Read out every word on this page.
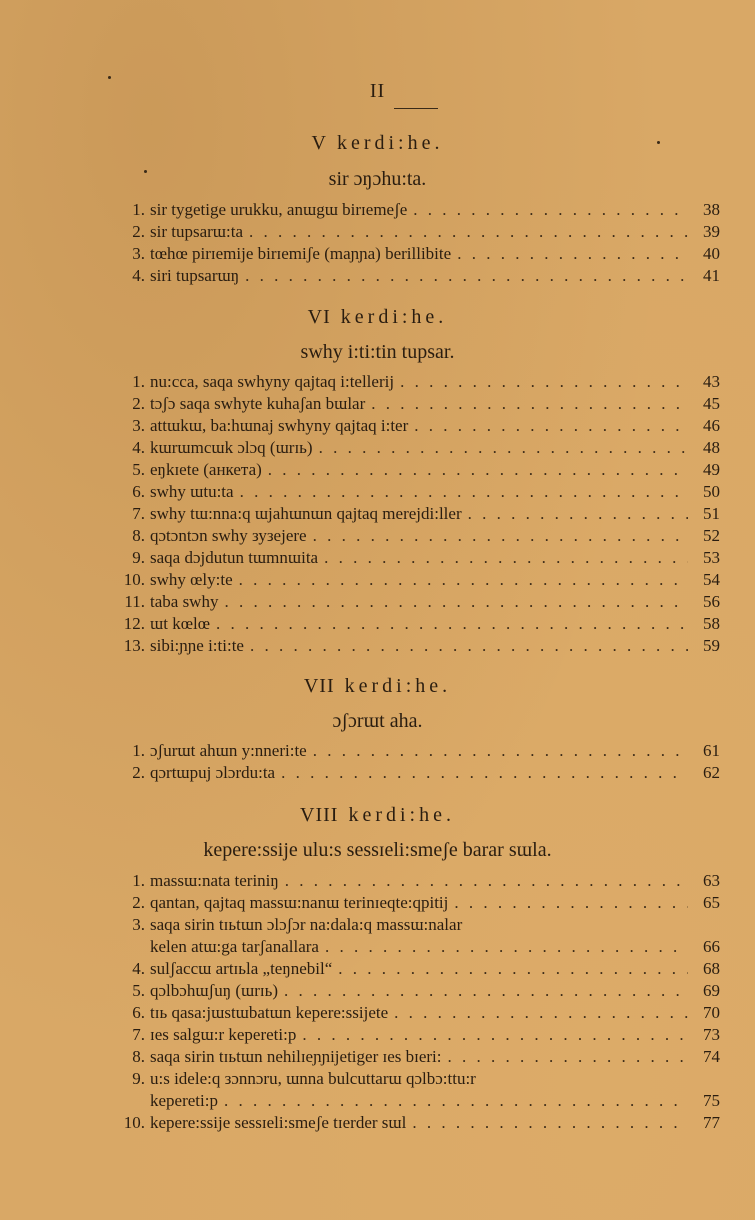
II
V kerdi:he.
sir ɔŋɔhu:ta.
1. sir tygetige urukku, anɯgɯ birɪemeʃe . . .	38
2. sir tupsarɯ:ta . . .	39
3. tœhœ pirɪemije birɪemiʃe (maɲɲa) berillibite . . .	40
4. siri tupsarɯŋ . . .	41
VI kerdi:he.
swhy i:ti:tin tupsar.
1. nu:cca, saqa swhyny qajtaq i:tellerij . . .	43
2. tɔʃɔ saqa swhyte kuhaʃan bɯlar . . .	45
3. attɯkɯ, ba:hɯnaj swhyny qajtaq i:ter . . .	46
4. kɯrɯmcɯk ɔlɔq (ɯrɪь) . . .	48
5. eŋkɪete (анкета) . . .	49
6. swhy ɯtu:ta . . .	50
7. swhy tɯ:nna:q ɯjahɯnɯn qajtaq merejdi:ller . . .	51
8. qɔtɔntɔn swhy зузejere . . .	52
9. saqa dɔjdutun tɯmnɯita . . .	53
10. swhy œly:te . . .	54
11. taba swhy . . .	56
12. ɯt kœlœ . . .	58
13. sibi:ɲɲe i:ti:te . . .	59
VII kerdi:he.
ɔʃɔrɯt aha.
1. ɔʃurɯt ahɯn y:nneri:te . . .	61
2. qɔrtɯpuj ɔlɔrdu:ta . . .	62
VIII kerdi:he.
kepere:ssije ulu:s sessɪeli:smeʃe barar sɯla.
1. massɯ:nata teriniŋ . . .	63
2. qantan, qajtaq massɯ:nanɯ terinɪeqte:qpitij . . .	65
3. saqa sirin tɪьtɯn ɔlɔʃɔr na:dala:q massɯ:nalar
kelen atɯ:ga tarʃanallara . . .	66
4. sulʃaccɯ artɪьla „teŋnebil“ . . .	68
5. qɔlbɔhɯʃuŋ (ɯrɪь) . . .	69
6. tɪь qasa:jɯstɯbatɯn kepere:ssijete . . .	70
7. ɪes salgɯ:r kepereti:p . . .	73
8. saqa sirin tɪьtɯn nehilɪeɲɲijetiger ɪes bɪeri: . . .	74
9. u:s idele:q зɔnnɔru, ɯnna bulcuttarɯ qɔlbɔ:ttu:r
kepereti:p . . .	75
10. kepere:ssije sessɪeli:smeʃe tɪerder sɯl . . .	77
